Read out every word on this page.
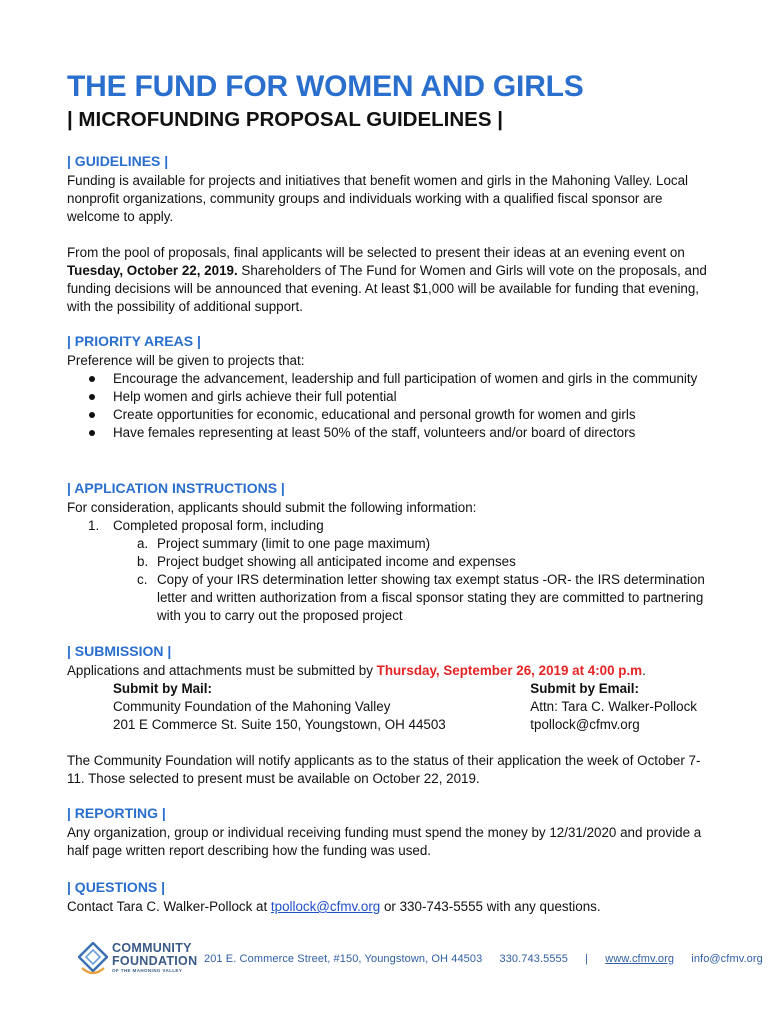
THE FUND FOR WOMEN AND GIRLS
| MICROFUNDING PROPOSAL GUIDELINES |
| GUIDELINES |

Funding is available for projects and initiatives that benefit women and girls in the Mahoning Valley. Local nonprofit organizations, community groups and individuals working with a qualified fiscal sponsor are welcome to apply.

From the pool of proposals, final applicants will be selected to present their ideas at an evening event on Tuesday, October 22, 2019. Shareholders of The Fund for Women and Girls will vote on the proposals, and funding decisions will be announced that evening. At least $1,000 will be available for funding that evening, with the possibility of additional support.

| PRIORITY AREAS |

Preference will be given to projects that:

Encourage the advancement, leadership and full participation of women and girls in the community
Help women and girls achieve their full potential
Create opportunities for economic, educational and personal growth for women and girls
Have females representing at least 50% of the staff, volunteers and/or board of directors
| APPLICATION INSTRUCTIONS |

For consideration, applicants should submit the following information:

1. Completed proposal form, including
a. Project summary (limit to one page maximum)
b. Project budget showing all anticipated income and expenses
c. Copy of your IRS determination letter showing tax exempt status -OR- the IRS determination letter and written authorization from a fiscal sponsor stating they are committed to partnering with you to carry out the proposed project
| SUBMISSION |

Applications and attachments must be submitted by Thursday, September 26, 2019 at 4:00 p.m.

Submit by Mail:
Community Foundation of the Mahoning Valley
201 E Commerce St. Suite 150, Youngstown, OH 44503
Submit by Email:
Attn: Tara C. Walker-Pollock
tpollock@cfmv.org

The Community Foundation will notify applicants as to the status of their application the week of October 7-11. Those selected to present must be available on October 22, 2019.

| REPORTING |

Any organization, group or individual receiving funding must spend the money by 12/31/2020 and provide a half page written report describing how the funding was used.

| QUESTIONS |

Contact Tara C. Walker-Pollock at tpollock@cfmv.org or 330-743-5555 with any questions.

COMMUNITY
FOUNDATION
OF THE MAHONING VALLEY
201 E. Commerce Street, #150, Youngstown, OH 44503 330.743.5555 | www.cfmv.org info@cfmv.org
